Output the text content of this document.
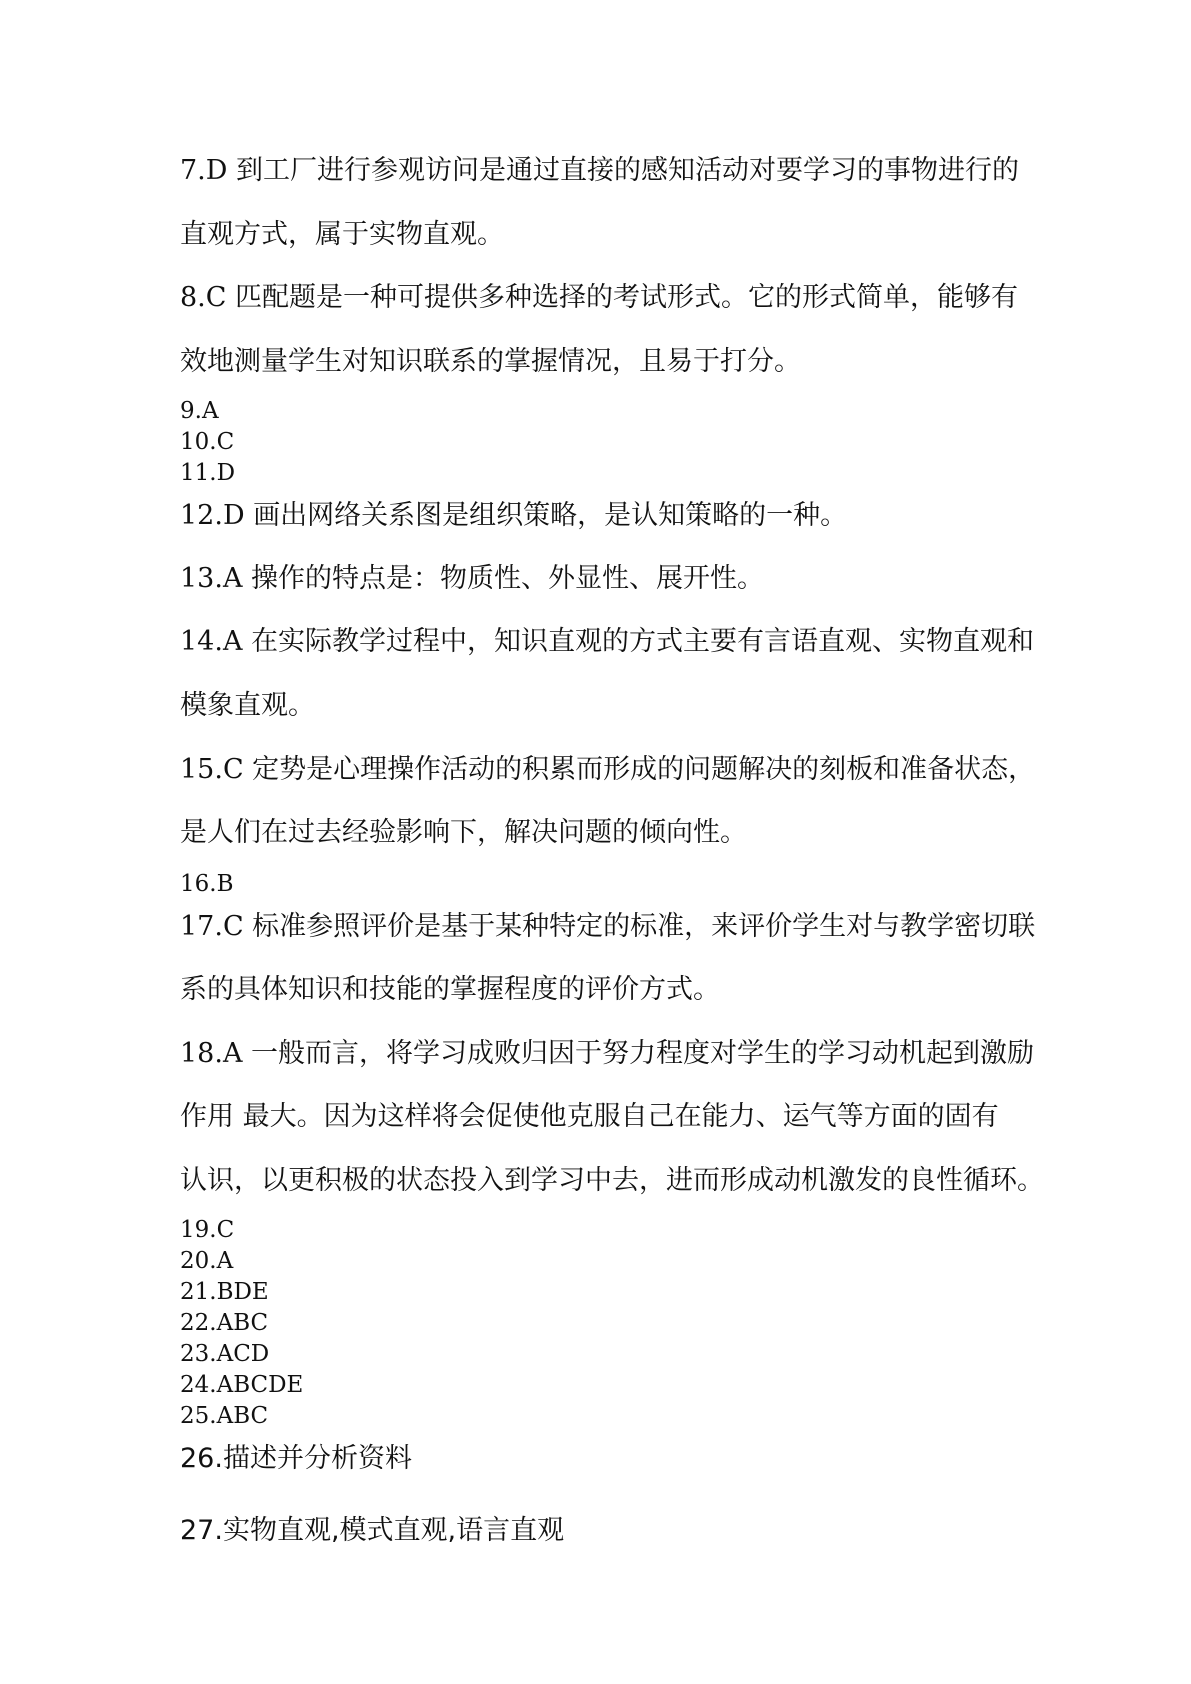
7.D 到工厂进行参观访问是通过直接的感知活动对要学习的事物进行的
直观方式，属于实物直观。
8.C 匹配题是一种可提供多种选择的考试形式。它的形式简单，能够有
效地测量学生对知识联系的掌握情况，且易于打分。
9.A
10.C
11.D
12.D 画出网络关系图是组织策略，是认知策略的一种。
13.A 操作的特点是：物质性、外显性、展开性。
14.A 在实际教学过程中，知识直观的方式主要有言语直观、实物直观和
模象直观。
15.C 定势是心理操作活动的积累而形成的问题解决的刻板和准备状态，
是人们在过去经验影响下，解决问题的倾向性。
16.B
17.C 标准参照评价是基于某种特定的标准，来评价学生对与教学密切联
系的具体知识和技能的掌握程度的评价方式。
18.A 一般而言，将学习成败归因于努力程度对学生的学习动机起到激励
作用 最大。因为这样将会促使他克服自己在能力、运气等方面的固有
认识，以更积极的状态投入到学习中去，进而形成动机激发的良性循环。
19.C
20.A
21.BDE
22.ABC
23.ACD
24.ABCDE
25.ABC
26.描述并分析资料
27.实物直观,模式直观,语言直观
